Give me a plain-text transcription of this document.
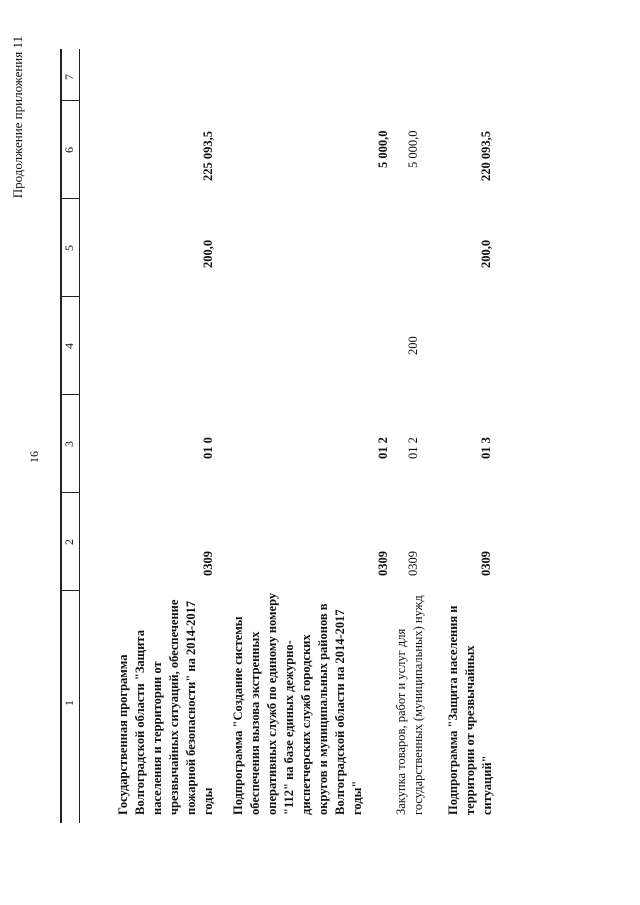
16
Продолжение приложения 11
1
2
3
4
5
6
7
Государственная программа Волгоградской области "Защита населения и территории от чрезвычайных ситуаций, обеспечение пожарной безопасности" на 2014-2017 годы
0309
01 0
200,0
225 093,5
Подпрограмма "Создание системы обеспечения вызова экстренных оперативных служб по единому номеру "112" на базе единых дежурно-диспетчерских служб городских округов и муниципальных районов в Волгоградской области на 2014-2017 годы"
0309
01 2
5 000,0
Закупка товаров, работ и услуг для государственных (муниципальных) нужд
0309
01 2
200
5 000,0
Подпрограмма "Защита населения и территории от чрезвычайных ситуаций"
0309
01 3
200,0
220 093,5
